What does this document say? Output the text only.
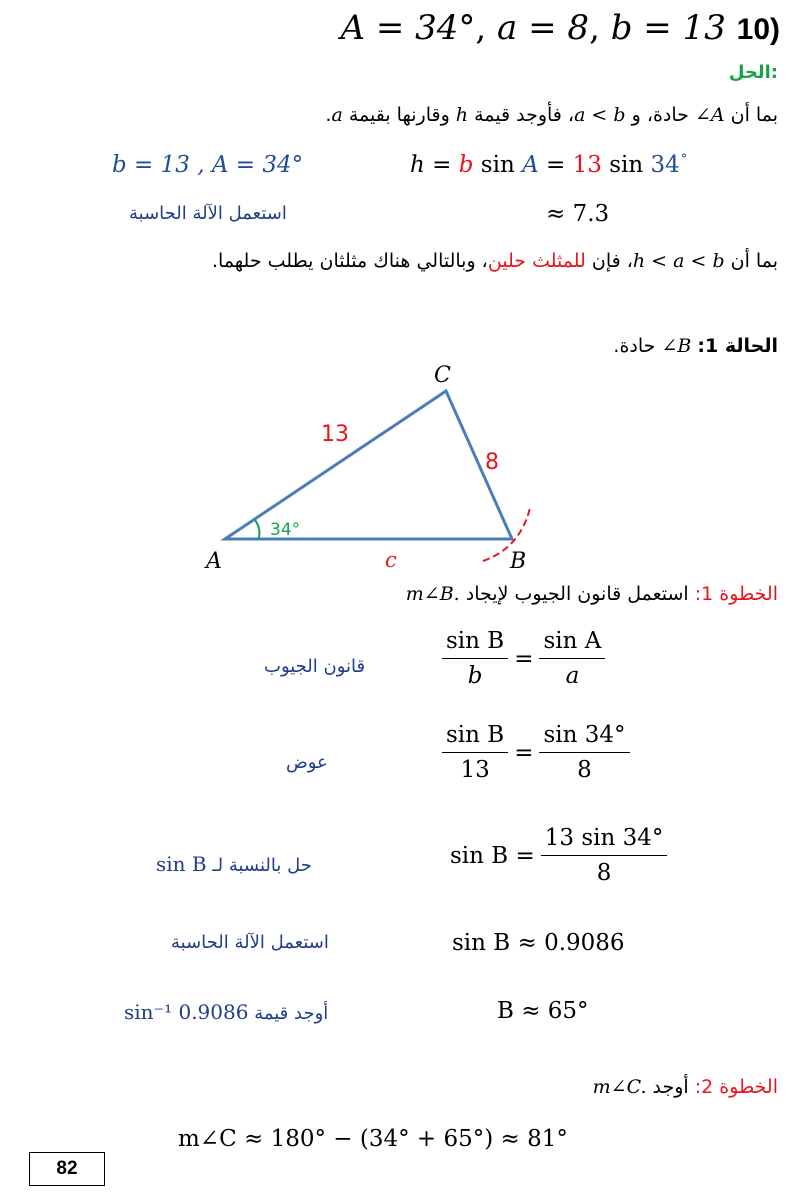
A = 34°, a = 8, b = 13 10)
الحل:
بما أن ∠A حادة، و a < b، فأوجد قيمة h وقارنها بقيمة a.
b = 13 , A = 34°	h = b sin A = 13 sin 34°
استعمل الآلة الحاسبة	≈ 7.3
بما أن h < a < b، فإن للمثلث حلين، وبالتالي هناك مثلثان يطلب حلهما.
الحالة 1: ∠B حادة.
C
A	B
13
8
c
34°
الخطوة 1: استعمل قانون الجيوب لإيجاد m∠B.
قانون الجيوب	$\frac{\text{sin B}}{b} = \frac{\text{sin A}}{a}$
عوض	$\frac{\text{sin B}}{13} = \frac{\sin 34^\circ}{8}$
حل بالنسبة لـ sin B	$\sin B = \frac{13 \sin 34^\circ}{8}$
استعمل الآلة الحاسبة	sin B ≈ 0.9086
أوجد قيمة sin⁻¹ 0.9086	B ≈ 65°
الخطوة 2: أوجد m∠C.
m∠C ≈ 180° − (34° + 65°) ≈ 81°
82
